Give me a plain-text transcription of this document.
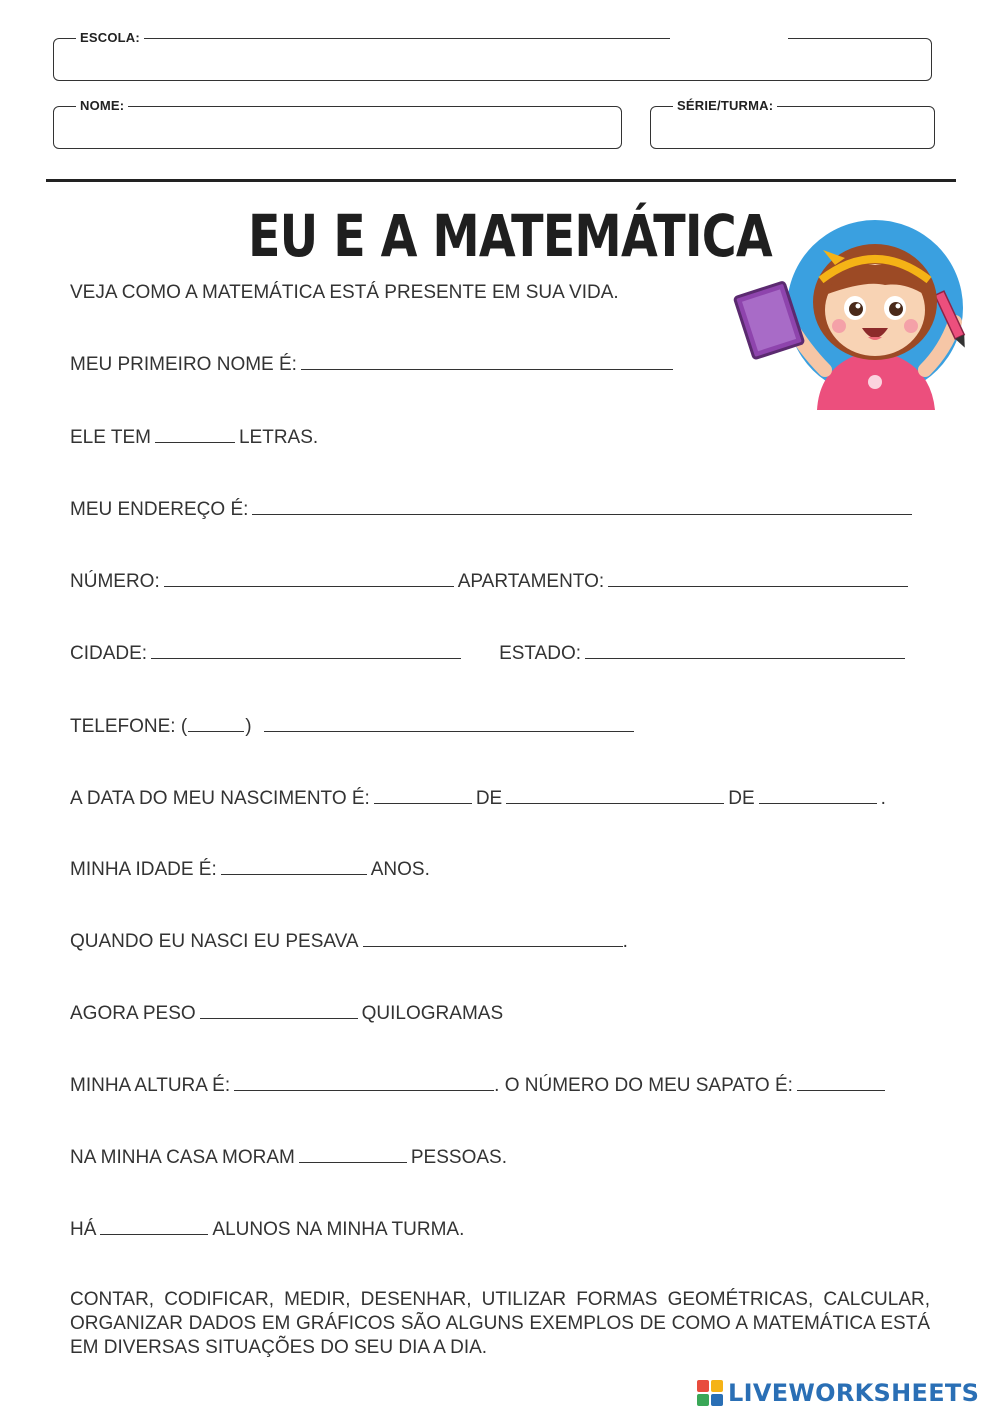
ESCOLA:
NOME:	SÉRIE/TURMA:
EU E A MATEMÁTICA
VEJA COMO A MATEMÁTICA ESTÁ PRESENTE EM SUA VIDA.
MEU PRIMEIRO NOME É:
ELE TEM	LETRAS.
MEU ENDEREÇO É:
NÚMERO:	APARTAMENTO:
CIDADE:	ESTADO:
TELEFONE: (	)
A DATA DO MEU NASCIMENTO É:	DE	DE	.
MINHA IDADE É:	ANOS.
QUANDO EU NASCI EU PESAVA	.
AGORA PESO	QUILOGRAMAS
MINHA ALTURA É:	. O NÚMERO DO MEU SAPATO É:
NA MINHA CASA MORAM	PESSOAS.
HÁ	ALUNOS NA MINHA TURMA.
CONTAR, CODIFICAR, MEDIR, DESENHAR, UTILIZAR FORMAS GEOMÉTRICAS, CALCULAR, ORGANIZAR DADOS EM GRÁFICOS SÃO ALGUNS EXEMPLOS DE COMO A MATEMÁTICA ESTÁ EM DIVERSAS SITUAÇÕES DO SEU DIA A DIA.
LIVEWORKSHEETS
